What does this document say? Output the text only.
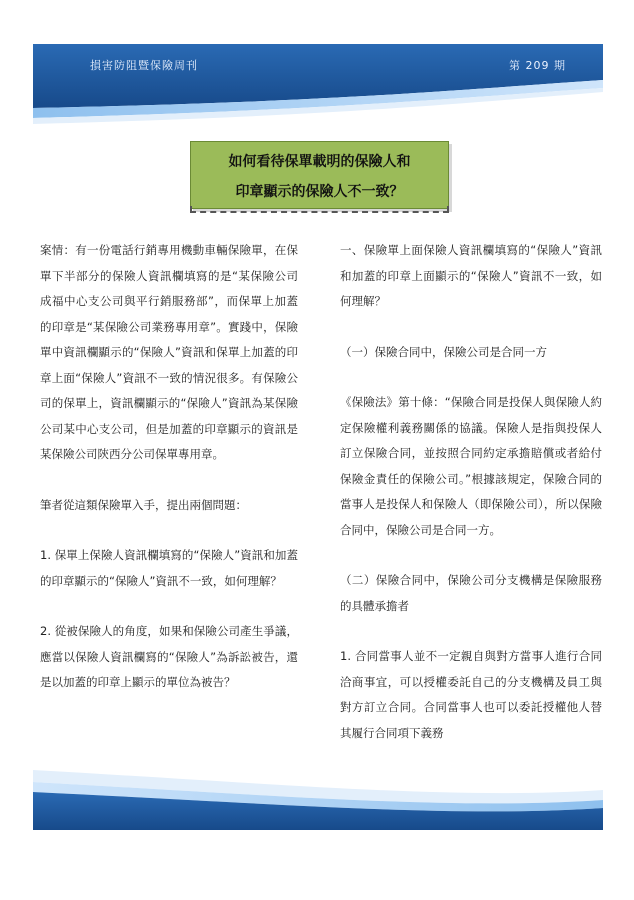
損害防阻暨保險周刊	第 209 期
如何看待保單載明的保險人和
印章顯示的保險人不一致？

案情：有一份電話行銷專用機動車輛保險單，在保單下半部分的保險人資訊欄填寫的是“某保險公司成福中心支公司與平行銷服務部”，而保單上加蓋的印章是“某保險公司業務專用章”。實踐中，保險單中資訊欄顯示的“保險人”資訊和保單上加蓋的印章上面“保險人”資訊不一致的情況很多。有保險公司的保單上，資訊欄顯示的“保險人”資訊為某保險公司某中心支公司，但是加蓋的印章顯示的資訊是某保險公司陝西分公司保單專用章。

筆者從這類保險單入手，提出兩個問題：

1. 保單上保險人資訊欄填寫的“保險人”資訊和加蓋的印章顯示的“保險人”資訊不一致，如何理解？

2. 從被保險人的角度，如果和保險公司產生爭議，應當以保險人資訊欄寫的“保險人”為訴訟被告，還是以加蓋的印章上顯示的單位為被告？

一、保險單上面保險人資訊欄填寫的“保險人”資訊和加蓋的印章上面顯示的“保險人”資訊不一致，如何理解？

（一）保險合同中，保險公司是合同一方

《保險法》第十條：“保險合同是投保人與保險人約定保險權利義務關係的協議。保險人是指與投保人訂立保險合同，並按照合同約定承擔賠償或者給付保險金責任的保險公司。”根據該規定，保險合同的當事人是投保人和保險人（即保險公司），所以保險合同中，保險公司是合同一方。

（二）保險合同中，保險公司分支機構是保險服務的具體承擔者

1. 合同當事人並不一定親自與對方當事人進行合同洽商事宜，可以授權委託自己的分支機構及員工與對方訂立合同。合同當事人也可以委託授權他人替其履行合同項下義務
